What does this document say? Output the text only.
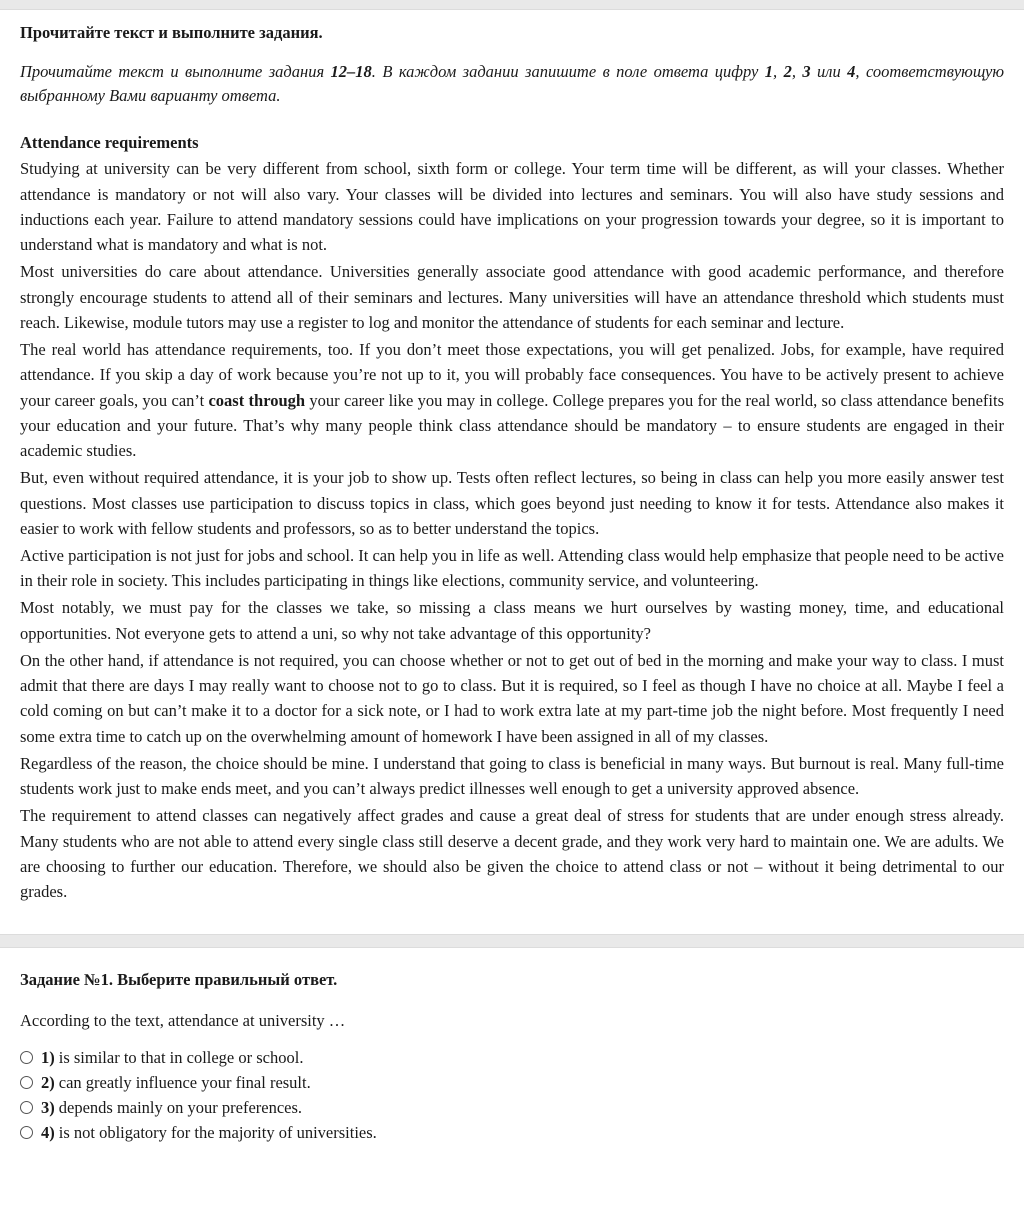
Прочитайте текст и выполните задания.
Прочитайте текст и выполните задания 12–18. В каждом задании запишите в поле ответа цифру 1, 2, 3 или 4, соответствующую выбранному Вами варианту ответа.
Attendance requirements

Studying at university can be very different from school, sixth form or college. Your term time will be different, as will your classes. Whether attendance is mandatory or not will also vary. Your classes will be divided into lectures and seminars. You will also have study sessions and inductions each year. Failure to attend mandatory sessions could have implications on your progression towards your degree, so it is important to understand what is mandatory and what is not.

Most universities do care about attendance. Universities generally associate good attendance with good academic performance, and therefore strongly encourage students to attend all of their seminars and lectures. Many universities will have an attendance threshold which students must reach. Likewise, module tutors may use a register to log and monitor the attendance of students for each seminar and lecture.

The real world has attendance requirements, too. If you don’t meet those expectations, you will get penalized. Jobs, for example, have required attendance. If you skip a day of work because you’re not up to it, you will probably face consequences. You have to be actively present to achieve your career goals, you can’t coast through your career like you may in college. College prepares you for the real world, so class attendance benefits your education and your future. That’s why many people think class attendance should be mandatory – to ensure students are engaged in their academic studies.

But, even without required attendance, it is your job to show up. Tests often reflect lectures, so being in class can help you more easily answer test questions. Most classes use participation to discuss topics in class, which goes beyond just needing to know it for tests. Attendance also makes it easier to work with fellow students and professors, so as to better understand the topics.

Active participation is not just for jobs and school. It can help you in life as well. Attending class would help emphasize that people need to be active in their role in society. This includes participating in things like elections, community service, and volunteering.

Most notably, we must pay for the classes we take, so missing a class means we hurt ourselves by wasting money, time, and educational opportunities. Not everyone gets to attend a uni, so why not take advantage of this opportunity?

On the other hand, if attendance is not required, you can choose whether or not to get out of bed in the morning and make your way to class. I must admit that there are days I may really want to choose not to go to class. But it is required, so I feel as though I have no choice at all. Maybe I feel a cold coming on but can’t make it to a doctor for a sick note, or I had to work extra late at my part-time job the night before. Most frequently I need some extra time to catch up on the overwhelming amount of homework I have been assigned in all of my classes.

Regardless of the reason, the choice should be mine. I understand that going to class is beneficial in many ways. But burnout is real. Many full-time students work just to make ends meet, and you can’t always predict illnesses well enough to get a university approved absence.

The requirement to attend classes can negatively affect grades and cause a great deal of stress for students that are under enough stress already. Many students who are not able to attend every single class still deserve a decent grade, and they work very hard to maintain one. We are adults. We are choosing to further our education. Therefore, we should also be given the choice to attend class or not – without it being detrimental to our grades.

Задание №1. Выберите правильный ответ.
According to the text, attendance at university …
1) is similar to that in college or school.
2) can greatly influence your final result.
3) depends mainly on your preferences.
4) is not obligatory for the majority of universities.
